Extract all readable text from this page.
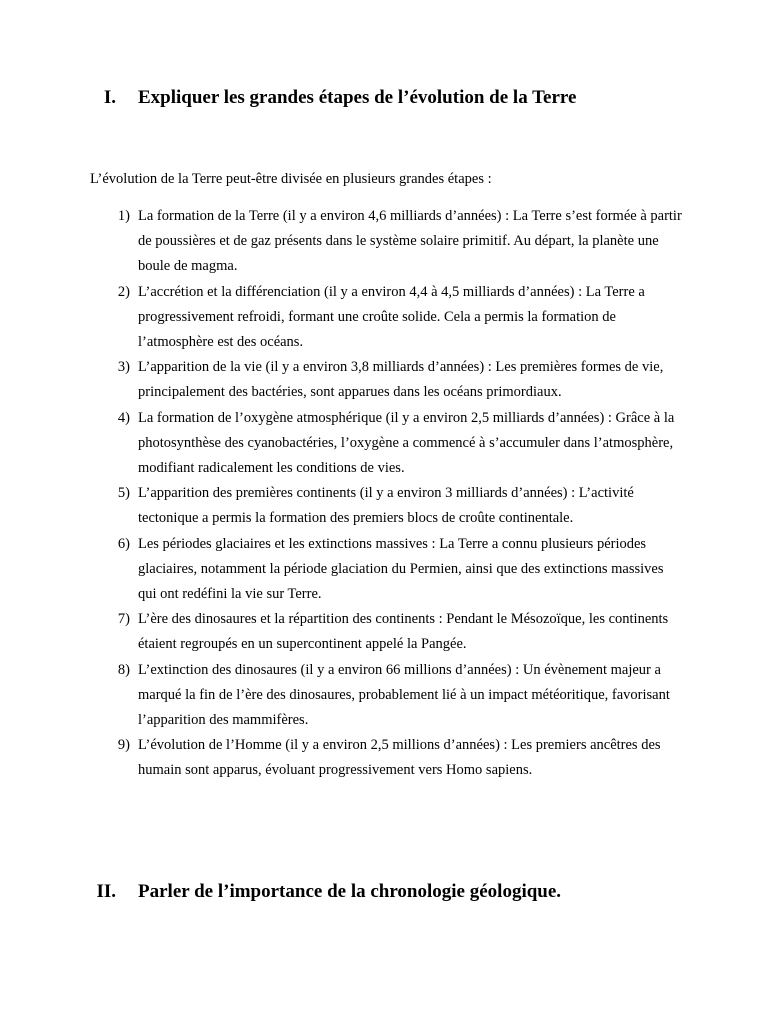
I. Expliquer les grandes étapes de l’évolution de la Terre
L’évolution de la Terre peut-être divisée en plusieurs grandes étapes :
1) La formation de la Terre (il y a environ 4,6 milliards d’années) : La Terre s’est formée à partir de poussières et de gaz présents dans le système solaire primitif. Au départ, la planète une boule de magma.
2) L’accrétion et la différenciation (il y a environ 4,4 à 4,5 milliards d’années) : La Terre a progressivement refroidi, formant une croûte solide. Cela a permis la formation de l’atmosphère est des océans.
3) L’apparition de la vie (il y a environ 3,8 milliards d’années) : Les premières formes de vie, principalement des bactéries, sont apparues dans les océans primordiaux.
4) La formation de l’oxygène atmosphérique (il y a environ 2,5 milliards d’années) : Grâce à la photosynthèse des cyanobactéries, l’oxygène a commencé à s’accumuler dans l’atmosphère, modifiant radicalement les conditions de vies.
5) L’apparition des premières continents (il y a environ 3 milliards d’années) : L’activité tectonique a permis la formation des premiers blocs de croûte continentale.
6) Les périodes glaciaires et les extinctions massives : La Terre a connu plusieurs périodes glaciaires, notamment la période glaciation du Permien, ainsi que des extinctions massives qui ont redéfini la vie sur Terre.
7) L’ère des dinosaures et la répartition des continents : Pendant le Mésozoïque, les continents étaient regroupés en un supercontinent appelé la Pangée.
8) L’extinction des dinosaures (il y a environ 66 millions d’années) : Un évènement majeur a marqué la fin de l’ère des dinosaures, probablement lié à un impact météoritique, favorisant l’apparition des mammifères.
9) L’évolution de l’Homme (il y a environ 2,5 millions d’années) : Les premiers ancêtres des humain sont apparus, évoluant progressivement vers Homo sapiens.
II. Parler de l’importance de la chronologie géologique.
